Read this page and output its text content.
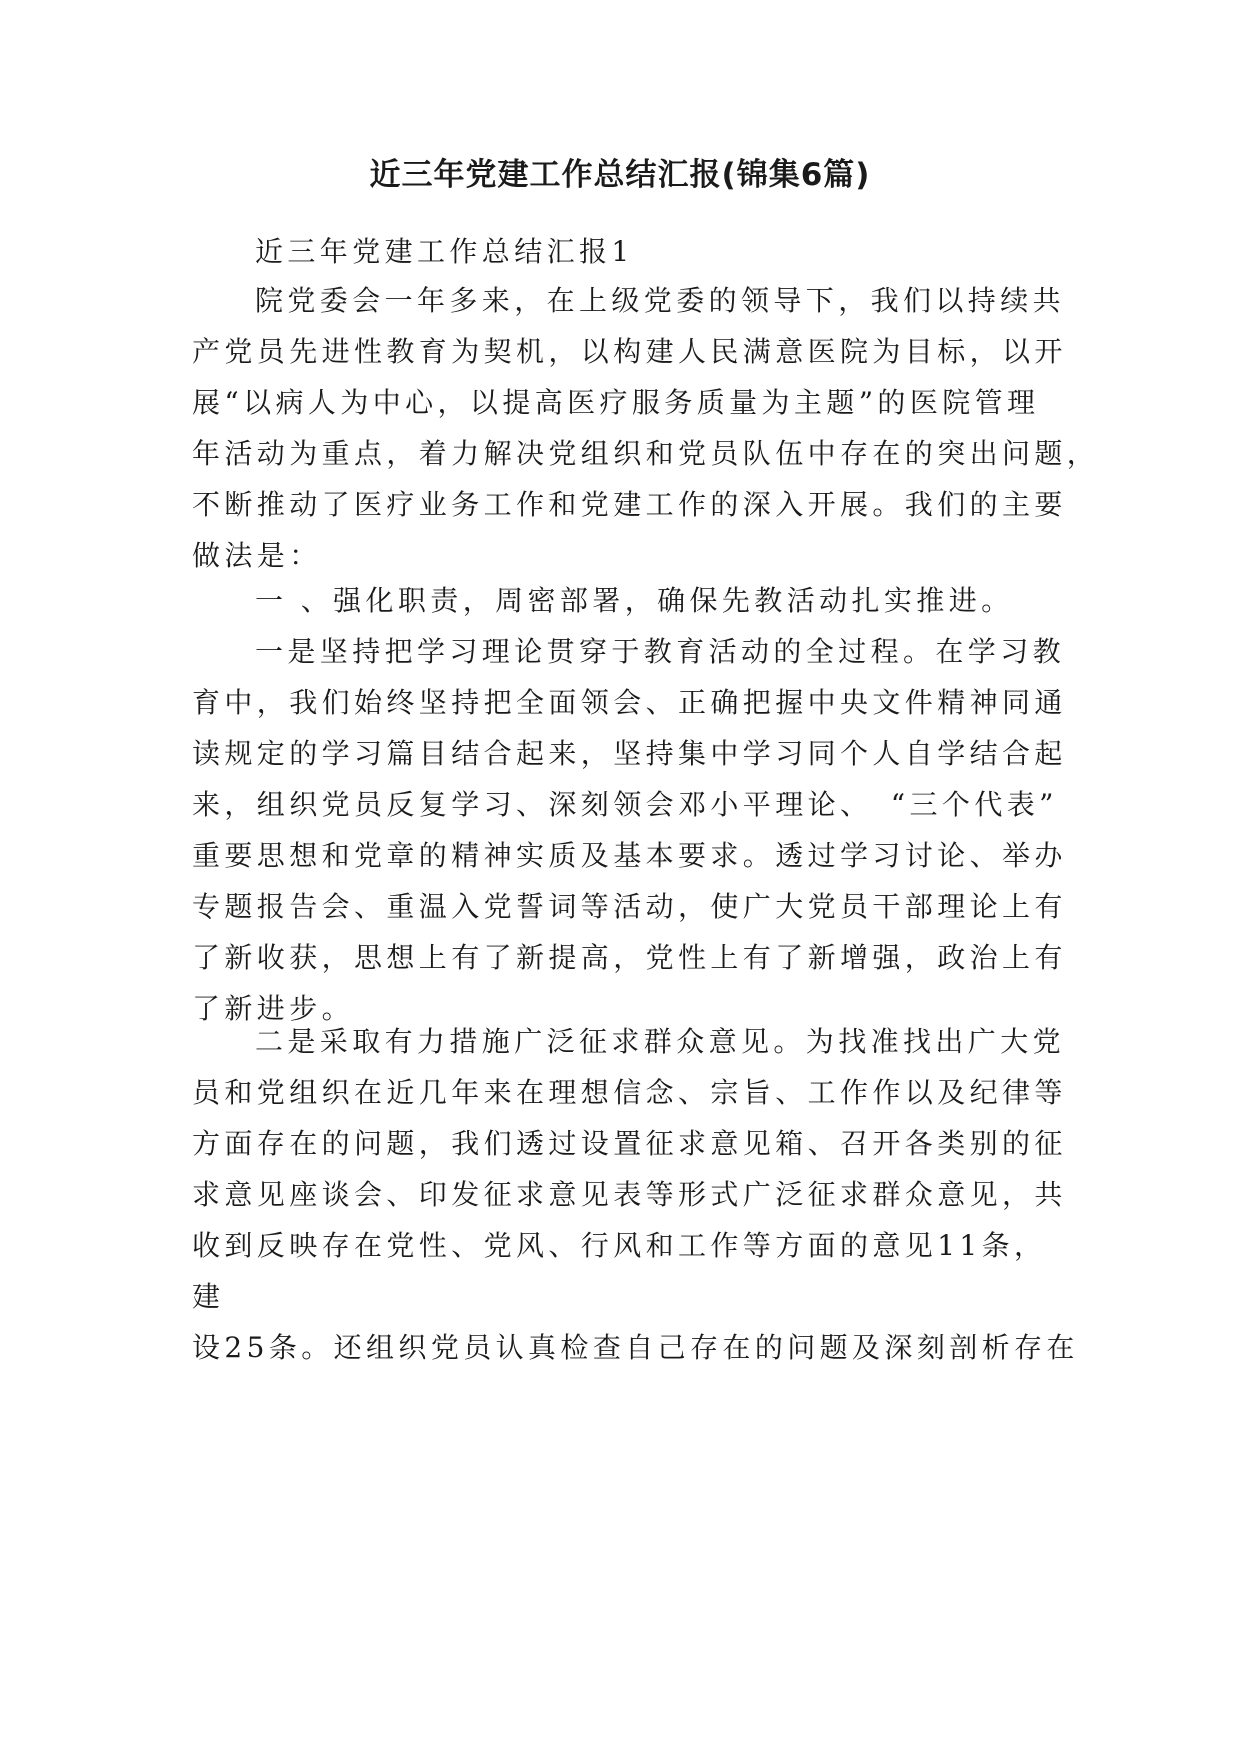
近三年党建工作总结汇报(锦集6篇)
近三年党建工作总结汇报1
院党委会一年多来，在上级党委的领导下，我们以持续共
产党员先进性教育为契机，以构建人民满意医院为目标，以开
展“以病人为中心，以提高医疗服务质量为主题”的医院管理
年活动为重点，着力解决党组织和党员队伍中存在的突出问题，
不断推动了医疗业务工作和党建工作的深入开展。我们的主要
做法是：
一 、强化职责，周密部署，确保先教活动扎实推进。
一是坚持把学习理论贯穿于教育活动的全过程。在学习教
育中，我们始终坚持把全面领会、正确把握中央文件精神同通
读规定的学习篇目结合起来，坚持集中学习同个人自学结合起
来，组织党员反复学习、深刻领会邓小平理论、　“三个代表”
重要思想和党章的精神实质及基本要求。透过学习讨论、举办
专题报告会、重温入党誓词等活动，使广大党员干部理论上有
了新收获，思想上有了新提高，党性上有了新增强，政治上有
了新进步。
二是采取有力措施广泛征求群众意见。为找准找出广大党
员和党组织在近几年来在理想信念、宗旨、工作作以及纪律等
方面存在的问题，我们透过设置征求意见箱、召开各类别的征
求意见座谈会、印发征求意见表等形式广泛征求群众意见，共
收到反映存在党性、党风、行风和工作等方面的意见11条，
建
设25条。还组织党员认真检查自己存在的问题及深刻剖析存在
